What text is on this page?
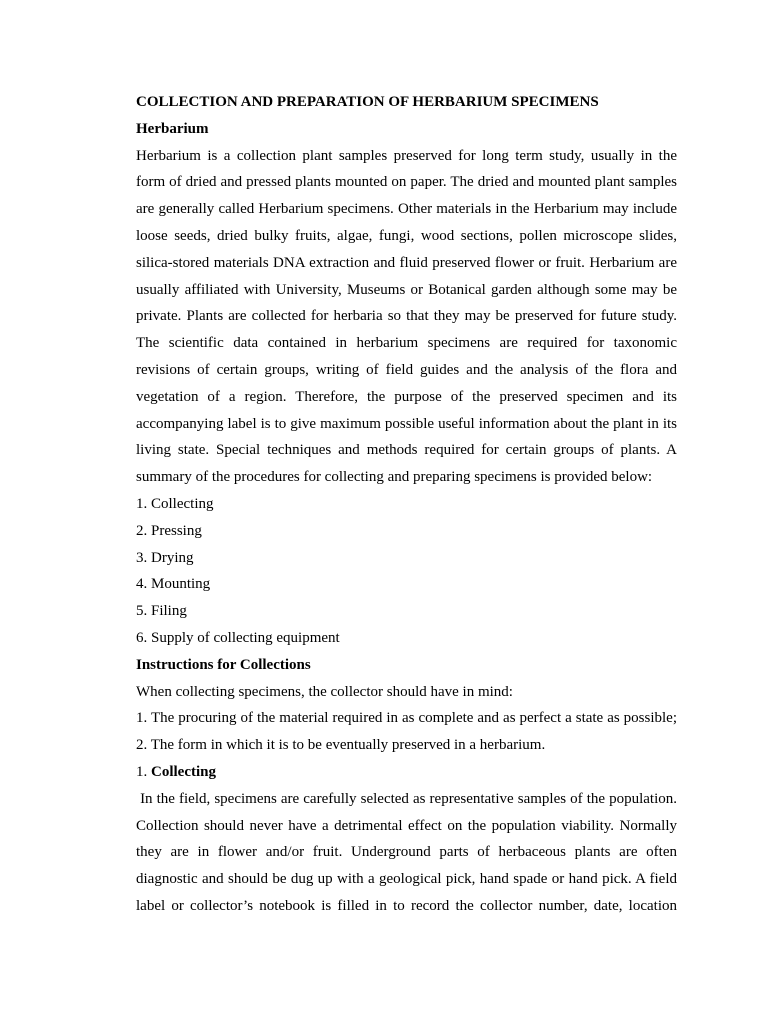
COLLECTION AND PREPARATION OF HERBARIUM SPECIMENS
Herbarium
Herbarium is a collection plant samples preserved for long term study, usually in the
form of dried and pressed plants mounted on paper. The dried and mounted plant samples
are generally called Herbarium specimens. Other materials in the Herbarium may include
loose seeds, dried bulky fruits, algae, fungi, wood sections, pollen microscope slides,
silica-stored materials DNA extraction and fluid preserved flower or fruit. Herbarium are
usually affiliated with University, Museums or Botanical garden although some may be
private. Plants are collected for herbaria so that they may be preserved for future study.
The scientific data contained in herbarium specimens are required for taxonomic
revisions of certain groups, writing of field guides and the analysis of the flora and
vegetation of a region. Therefore, the purpose of the preserved specimen and its
accompanying label is to give maximum possible useful information about the plant in its
living state. Special techniques and methods required for certain groups of plants. A
summary of the procedures for collecting and preparing specimens is provided below:
1. Collecting
2. Pressing
3. Drying
4. Mounting
5. Filing
6. Supply of collecting equipment
Instructions for Collections
When collecting specimens, the collector should have in mind:
1. The procuring of the material required in as complete and as perfect a state as possible;
2. The form in which it is to be eventually preserved in a herbarium.
1. Collecting
In the field, specimens are carefully selected as representative samples of the population.
Collection should never have a detrimental effect on the population viability. Normally
they are in flower and/or fruit. Underground parts of herbaceous plants are often
diagnostic and should be dug up with a geological pick, hand spade or hand pick. A field
label or collector’s notebook is filled in to record the collector number, date, location
